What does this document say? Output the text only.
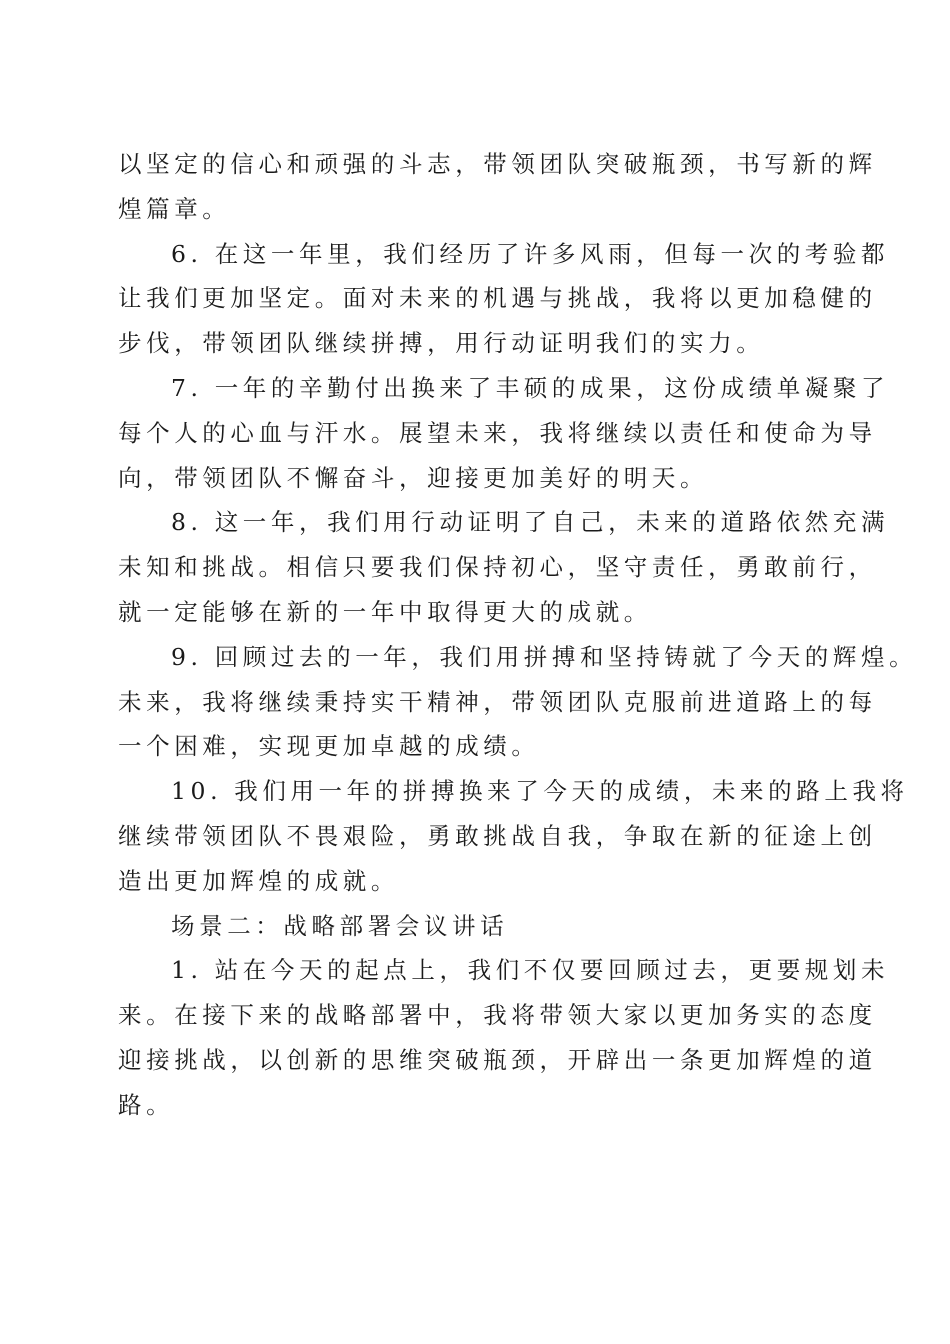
以坚定的信心和顽强的斗志，带领团队突破瓶颈，书写新的辉
煌篇章。
6. 在这一年里，我们经历了许多风雨，但每一次的考验都
让我们更加坚定。面对未来的机遇与挑战，我将以更加稳健的
步伐，带领团队继续拼搏，用行动证明我们的实力。
7. 一年的辛勤付出换来了丰硕的成果，这份成绩单凝聚了
每个人的心血与汗水。展望未来，我将继续以责任和使命为导
向，带领团队不懈奋斗，迎接更加美好的明天。
8. 这一年，我们用行动证明了自己，未来的道路依然充满
未知和挑战。相信只要我们保持初心，坚守责任，勇敢前行，
就一定能够在新的一年中取得更大的成就。
9. 回顾过去的一年，我们用拼搏和坚持铸就了今天的辉煌。
未来，我将继续秉持实干精神，带领团队克服前进道路上的每
一个困难，实现更加卓越的成绩。
10. 我们用一年的拼搏换来了今天的成绩，未来的路上我将
继续带领团队不畏艰险，勇敢挑战自我，争取在新的征途上创
造出更加辉煌的成就。
场景二：战略部署会议讲话
1. 站在今天的起点上，我们不仅要回顾过去，更要规划未
来。在接下来的战略部署中，我将带领大家以更加务实的态度
迎接挑战，以创新的思维突破瓶颈，开辟出一条更加辉煌的道
路。
